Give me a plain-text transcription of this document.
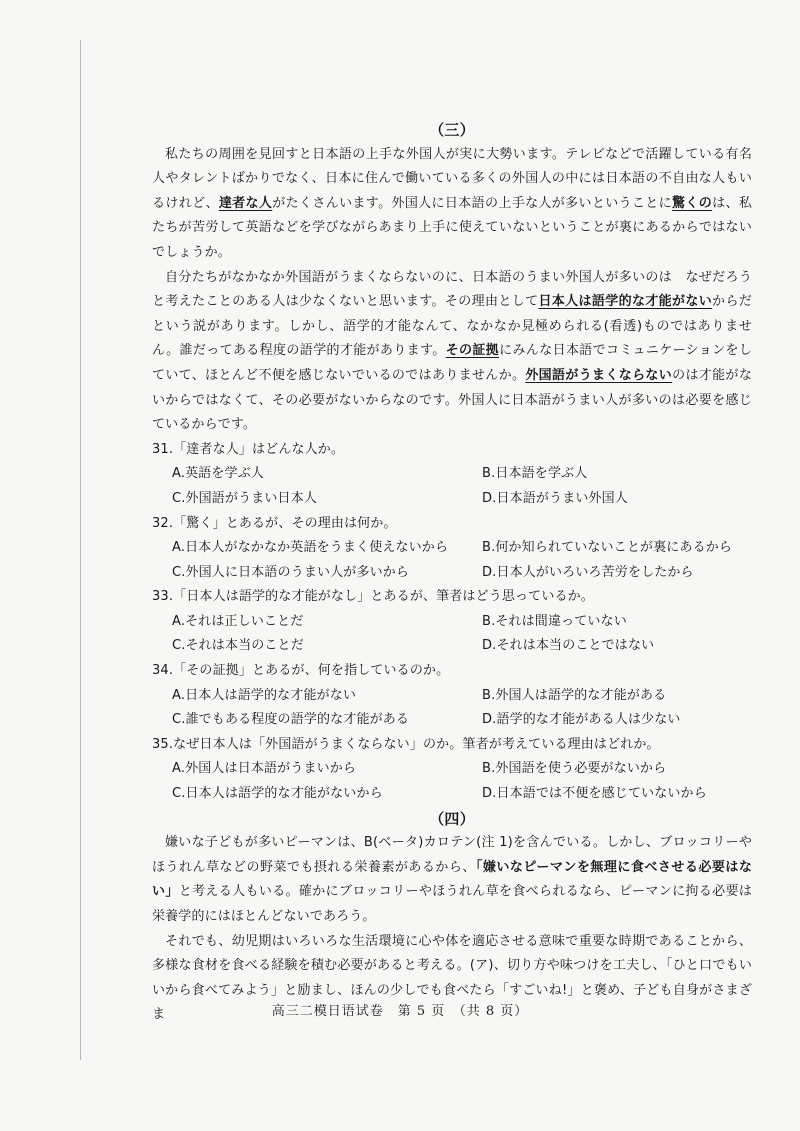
（三）

私たちの周囲を見回すと日本語の上手な外国人が実に大勢います。テレビなどで活躍している有名人やタレントばかりでなく、日本に住んで働いている多くの外国人の中には日本語の不自由な人もいるけれど、達者な人がたくさんいます。外国人に日本語の上手な人が多いということに驚くのは、私たちが苦労して英語などを学びながらあまり上手に使えていないということが裏にあるからではないでしょうか。

自分たちがなかなか外国語がうまくならないのに、日本語のうまい外国人が多いのは　なぜだろうと考えたことのある人は少なくないと思います。その理由として日本人は語学的な才能がないからだという説があります。しかし、語学的才能なんて、なかなか見極められる(看透)ものではありません。誰だってある程度の語学的才能があります。その証拠にみんな日本語でコミュニケーションをしていて、ほとんど不便を感じないでいるのではありませんか。外国語がうまくならないのは才能がないからではなくて、その必要がないからなのです。外国人に日本語がうまい人が多いのは必要を感じているからです。

31.「達者な人」はどんな人か。

A.英語を学ぶ人	B.日本語を学ぶ人
C.外国語がうまい日本人	D.日本語がうまい外国人

32.「驚く」とあるが、その理由は何か。

A.日本人がなかなか英語をうまく使えないから	B.何か知られていないことが裏にあるから
C.外国人に日本語のうまい人が多いから	D.日本人がいろいろ苦労をしたから

33.「日本人は語学的な才能がなし」とあるが、筆者はどう思っているか。

A.それは正しいことだ	B.それは間違っていない
C.それは本当のことだ	D.それは本当のことではない

34.「その証拠」とあるが、何を指しているのか。

A.日本人は語学的な才能がない	B.外国人は語学的な才能がある
C.誰でもある程度の語学的な才能がある	D.語学的な才能がある人は少ない

35.なぜ日本人は「外国語がうまくならない」のか。筆者が考えている理由はどれか。

A.外国人は日本語がうまいから	B.外国語を使う必要がないから
C.日本人は語学的な才能がないから	D.日本語では不便を感じていないから

（四）

嫌いな子どもが多いピーマンは、B(ベータ)カロテン(注 1)を含んでいる。しかし、ブロッコリーやほうれん草などの野菜でも摂れる栄養素があるから、「嫌いなピーマンを無理に食べさせる必要はない」と考える人もいる。確かにブロッコリーやほうれん草を食べられるなら、ピーマンに拘る必要は栄養学的にはほとんどないであろう。

それでも、幼児期はいろいろな生活環境に心や体を適応させる意味で重要な時期であることから、多様な食材を食べる経験を積む必要があると考える。(ア)、切り方や味つけを工夫し、「ひと口でもいいから食べてみよう」と励まし、ほんの少しでも食べたら「すごいね!」と褒め、子ども自身がさまざま	高三二模日语试卷　第 5 页　（共 8 页）
